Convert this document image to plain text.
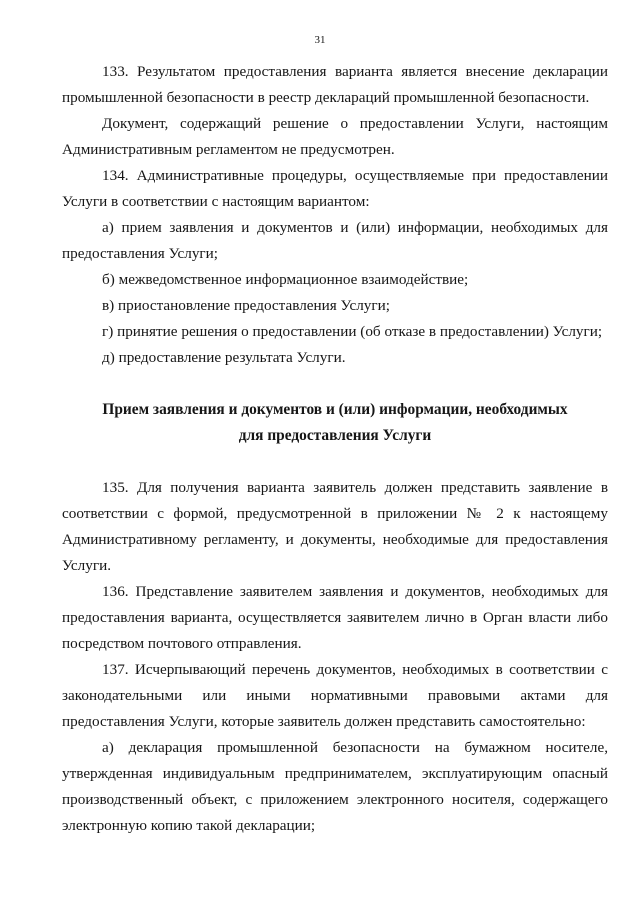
31

133. Результатом предоставления варианта является внесение декларации промышленной безопасности в реестр деклараций промышленной безопасности.

Документ, содержащий решение о предоставлении Услуги, настоящим Административным регламентом не предусмотрен.

134. Административные процедуры, осуществляемые при предоставлении Услуги в соответствии с настоящим вариантом:

а) прием заявления и документов и (или) информации, необходимых для предоставления Услуги;

б) межведомственное информационное взаимодействие;

в) приостановление предоставления Услуги;

г) принятие решения о предоставлении (об отказе в предоставлении) Услуги;

д) предоставление результата Услуги.

Прием заявления и документов и (или) информации, необходимых

для предоставления Услуги

135. Для получения варианта заявитель должен представить заявление в соответствии с формой, предусмотренной в приложении № 2 к настоящему Административному регламенту, и документы, необходимые для предоставления Услуги.

136. Представление заявителем заявления и документов, необходимых для предоставления варианта, осуществляется заявителем лично в Орган власти либо посредством почтового отправления.

137. Исчерпывающий перечень документов, необходимых в соответствии с законодательными или иными нормативными правовыми актами для предоставления Услуги, которые заявитель должен представить самостоятельно:

а) декларация промышленной безопасности на бумажном носителе, утвержденная индивидуальным предпринимателем, эксплуатирующим опасный производственный объект, с приложением электронного носителя, содержащего электронную копию такой декларации;
